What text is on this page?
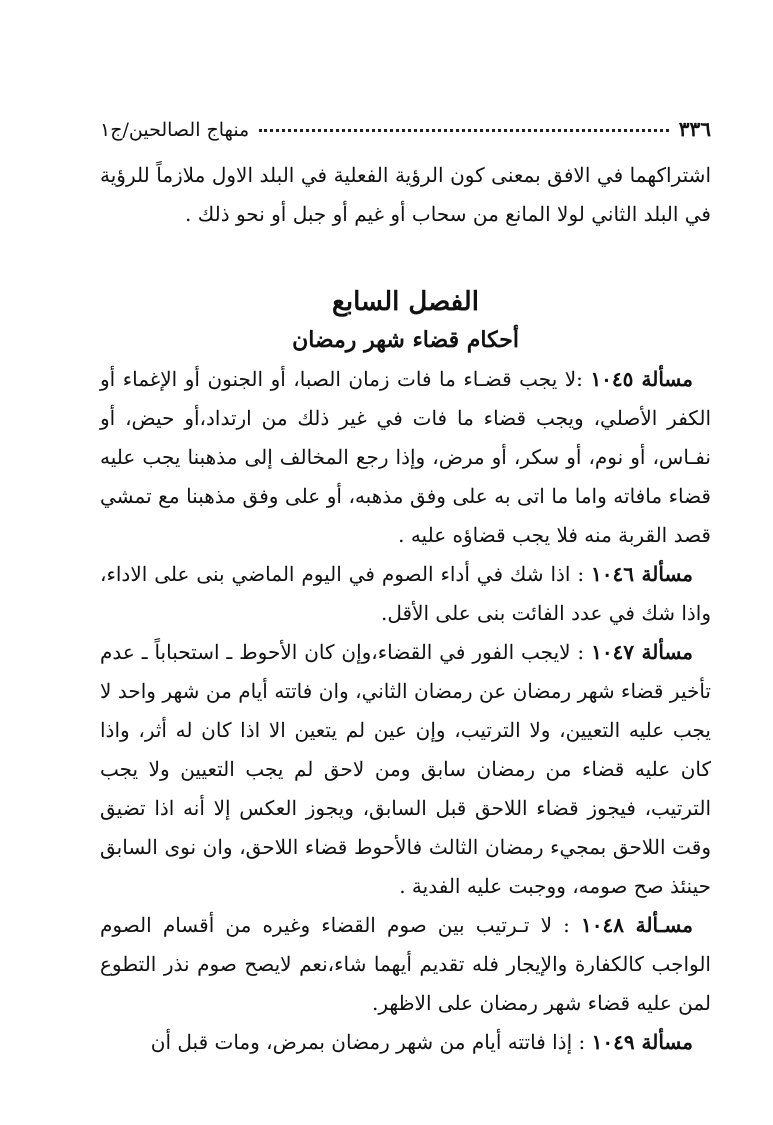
٣٣٦
منهاج الصالحين/ج١

اشتراكهما في الافق بمعنى كون الرؤية الفعلية في البلد الاول ملازماً للرؤية في البلد الثاني لولا المانع من سحاب أو غيم أو جبل أو نحو ذلك .

الفصل السابع
أحكام قضاء شهر رمضان

مسألة ١٠٤٥ :لا يجب قضـاء ما فات زمان الصبا، أو الجنون أو الإغماء أو الكفر الأصلي، ويجب قضاء ما فات في غير ذلك من ارتداد،أو حيض، أو نفـاس، أو نوم، أو سكر، أو مرض، وإذا رجع المخالف إلى مذهبنا يجب عليه قضاء مافاته واما ما اتى به على وفق مذهبه، أو على وفق مذهبنا مع تمشي قصد القربة منه فلا يجب قضاؤه عليه .

مسألة ١٠٤٦ : اذا شك في أداء الصوم في اليوم الماضي بنى على الاداء، واذا شك في عدد الفائت بنى على الأقل.

مسألة ١٠٤٧ : لايجب الفور في القضاء،وإن كان الأحوط ـ استحباباً ـ عدم تأخير قضاء شهر رمضان عن رمضان الثاني، وان فاتته أيام من شهر واحد لا يجب عليه التعيين، ولا الترتيب، وإن عين لم يتعين الا اذا كان له أثر، واذا كان عليه قضاء من رمضان سابق ومن لاحق لم يجب التعيين ولا يجب الترتيب، فيجوز قضاء اللاحق قبل السابق، ويجوز العكس إلا أنه اذا تضيق وقت اللاحق بمجيء رمضان الثالث فالأحوط قضاء اللاحق، وان نوى السابق حينئذ صح صومه، ووجبت عليه الفدية .

مسـألة ١٠٤٨ : لا تـرتيب بين صوم القضاء وغيره من أقسام الصوم الواجب كالكفارة والإيجار فله تقديم أيهما شاء،نعم لايصح صوم نذر التطوع لمن عليه قضاء شهر رمضان على الاظهر.

مسألة ١٠٤٩ : إذا فاتته أيام من شهر رمضان بمرض، ومات قبل أن
